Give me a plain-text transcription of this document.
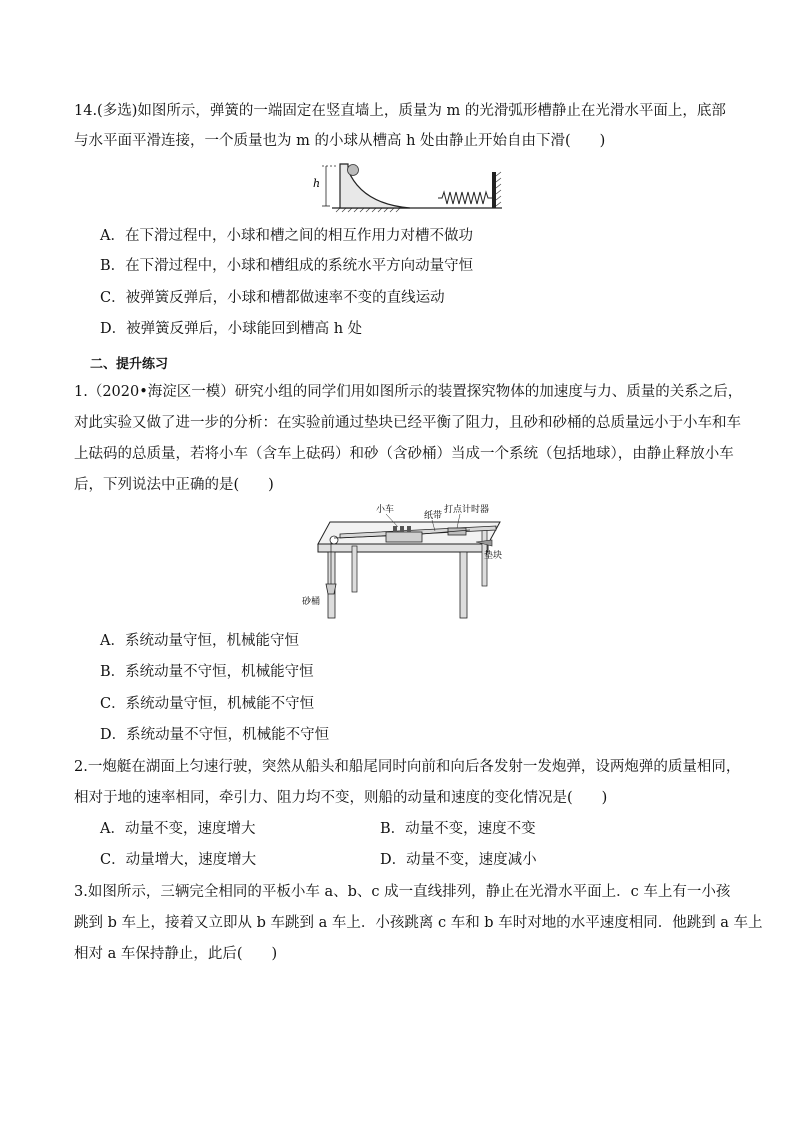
14.(多选)如图所示，弹簧的一端固定在竖直墙上，质量为 m 的光滑弧形槽静止在光滑水平面上，底部
与水平面平滑连接，一个质量也为 m 的小球从槽高 h 处由静止开始自由下滑(　　)
h
A．在下滑过程中，小球和槽之间的相互作用力对槽不做功
B．在下滑过程中，小球和槽组成的系统水平方向动量守恒
C．被弹簧反弹后，小球和槽都做速率不变的直线运动
D．被弹簧反弹后，小球能回到槽高 h 处
二、提升练习
1.（2020•海淀区一模）研究小组的同学们用如图所示的装置探究物体的加速度与力、质量的关系之后，
对此实验又做了进一步的分析：在实验前通过垫块已经平衡了阻力，且砂和砂桶的总质量远小于小车和车
上砝码的总质量，若将小车（含车上砝码）和砂（含砂桶）当成一个系统（包括地球），由静止释放小车
后，下列说法中正确的是(　　)
小车
纸带
打点计时器
垫块
砂桶
A．系统动量守恒，机械能守恒
B．系统动量不守恒，机械能守恒
C．系统动量守恒，机械能不守恒
D．系统动量不守恒，机械能不守恒
2.一炮艇在湖面上匀速行驶，突然从船头和船尾同时向前和向后各发射一发炮弹，设两炮弹的质量相同，
相对于地的速率相同，牵引力、阻力均不变，则船的动量和速度的变化情况是(　　)
A．动量不变，速度增大	B．动量不变，速度不变
C．动量增大，速度增大	D．动量不变，速度减小
3.如图所示，三辆完全相同的平板小车 a、b、c 成一直线排列，静止在光滑水平面上．c 车上有一小孩
跳到 b 车上，接着又立即从 b 车跳到 a 车上．小孩跳离 c 车和 b 车时对地的水平速度相同．他跳到 a 车上
相对 a 车保持静止，此后(　　)
